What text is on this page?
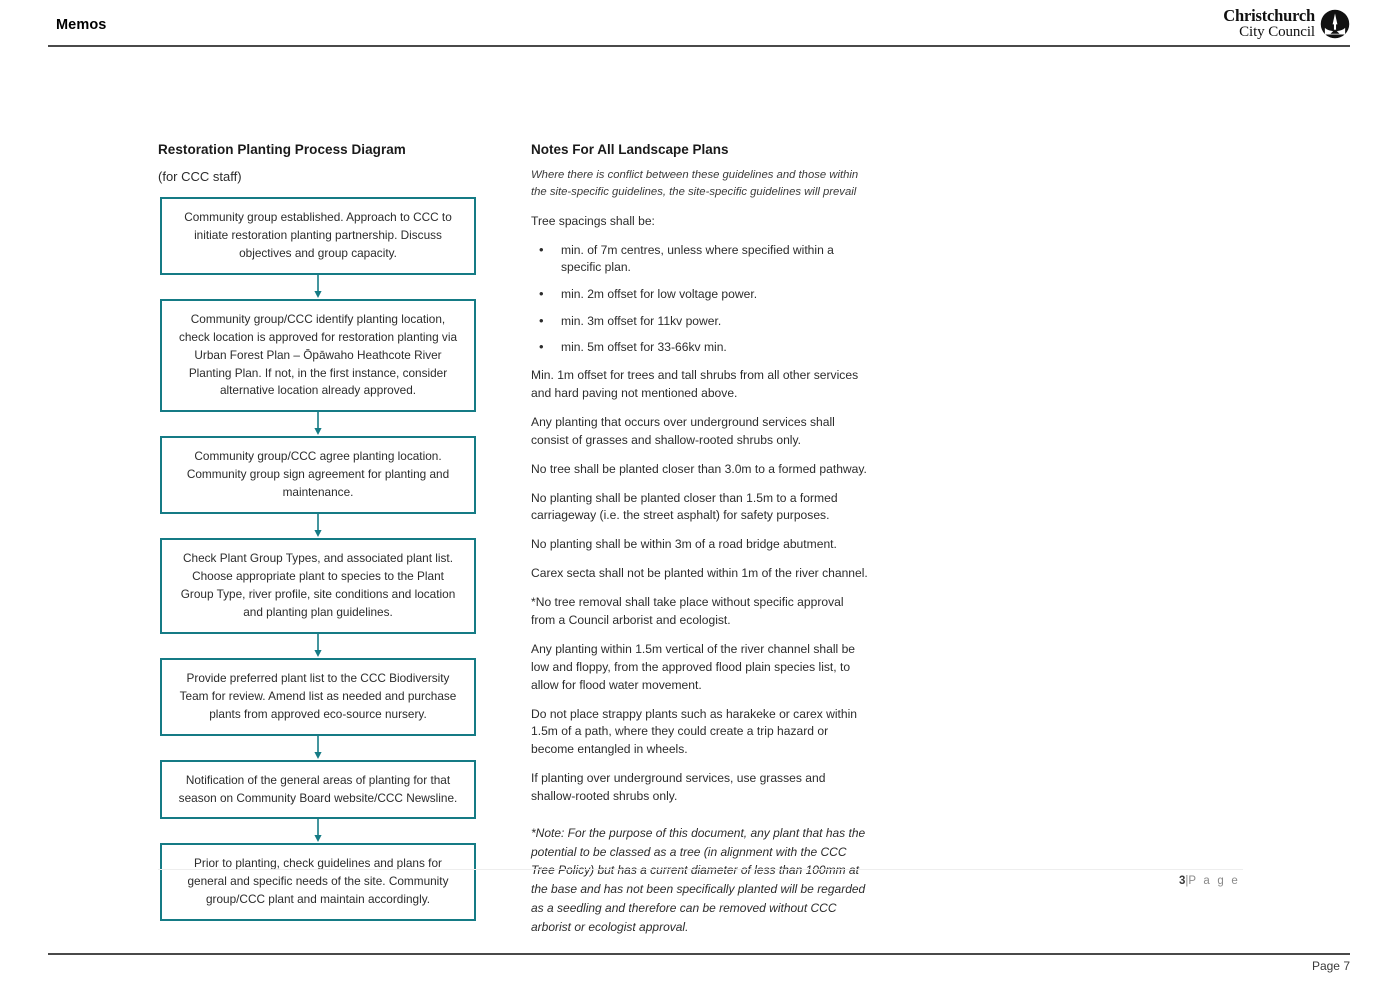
Memos	Christchurch
City Council
Restoration Planting Process Diagram
(for CCC staff)
Community group established. Approach to CCC to initiate restoration planting partnership. Discuss objectives and group capacity.
Community group/CCC identify planting location, check location is approved for restoration planting via Urban Forest Plan – Ōpāwaho Heathcote River Planting Plan. If not, in the first instance, consider alternative location already approved.
Community group/CCC agree planting location. Community group sign agreement for planting and maintenance.
Check Plant Group Types, and associated plant list. Choose appropriate plant to species to the Plant Group Type, river profile, site conditions and location and planting plan guidelines.
Provide preferred plant list to the CCC Biodiversity Team for review. Amend list as needed and purchase plants from approved eco-source nursery.
Notification of the general areas of planting for that season on Community Board website/CCC Newsline.
Prior to planting, check guidelines and plans for general and specific needs of the site. Community group/CCC plant and maintain accordingly.
Notes For All Landscape Plans
Where there is conflict between these guidelines and those within the site-specific guidelines, the site-specific guidelines will prevail
Tree spacings shall be:
• min. of 7m centres, unless where specified within a specific plan.
• min. 2m offset for low voltage power.
• min. 3m offset for 11kv power.
• min. 5m offset for 33-66kv min.
Min. 1m offset for trees and tall shrubs from all other services and hard paving not mentioned above.
Any planting that occurs over underground services shall consist of grasses and shallow-rooted shrubs only.
No tree shall be planted closer than 3.0m to a formed pathway.
No planting shall be planted closer than 1.5m to a formed carriageway (i.e. the street asphalt) for safety purposes.
No planting shall be within 3m of a road bridge abutment.
Carex secta shall not be planted within 1m of the river channel.
*No tree removal shall take place without specific approval from a Council arborist and ecologist.
Any planting within 1.5m vertical of the river channel shall be low and floppy, from the approved flood plain species list, to allow for flood water movement.
Do not place strappy plants such as harakeke or carex within 1.5m of a path, where they could create a trip hazard or become entangled in wheels.
If planting over underground services, use grasses and shallow-rooted shrubs only.
*Note: For the purpose of this document, any plant that has the potential to be classed as a tree (in alignment with the CCC Tree Policy) but has a current diameter of less than 100mm at the base and has not been specifically planted will be regarded as a seedling and therefore can be removed without CCC arborist or ecologist approval.
3|P a g e
Page 7
